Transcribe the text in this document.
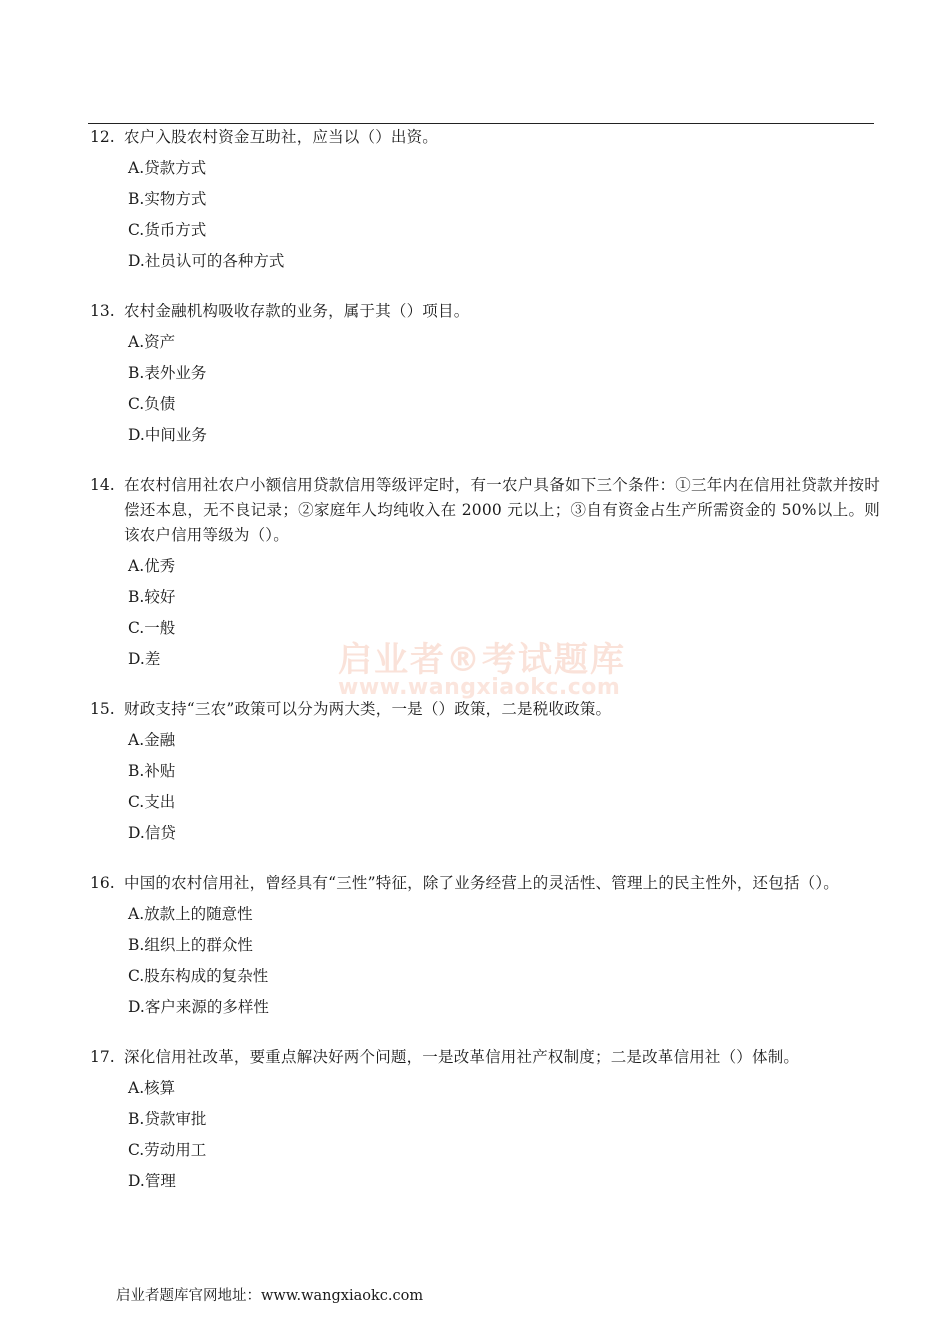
12. 农户入股农村资金互助社，应当以（）出资。
A. 贷款方式
B. 实物方式
C. 货币方式
D. 社员认可的各种方式
13. 农村金融机构吸收存款的业务，属于其（）项目。
A. 资产
B. 表外业务
C. 负债
D. 中间业务
14. 在农村信用社农户小额信用贷款信用等级评定时，有一农户具备如下三个条件：①三年内在信用社贷款并按时偿还本息，无不良记录；②家庭年人均纯收入在 2000 元以上；③自有资金占生产所需资金的 50%以上。则该农户信用等级为（）。
A. 优秀
B. 较好
C. 一般
D. 差
15. 财政支持“三农”政策可以分为两大类，一是（）政策，二是税收政策。
A. 金融
B. 补贴
C. 支出
D. 信贷
16. 中国的农村信用社，曾经具有“三性”特征，除了业务经营上的灵活性、管理上的民主性外，还包括（）。
A. 放款上的随意性
B. 组织上的群众性
C. 股东构成的复杂性
D. 客户来源的多样性
17. 深化信用社改革，要重点解决好两个问题，一是改革信用社产权制度；二是改革信用社（）体制。
A. 核算
B. 贷款审批
C. 劳动用工
D. 管理
启业者®考试题库
www.wangxiaokc.com
启业者题库官网地址：www.wangxiaokc.com
